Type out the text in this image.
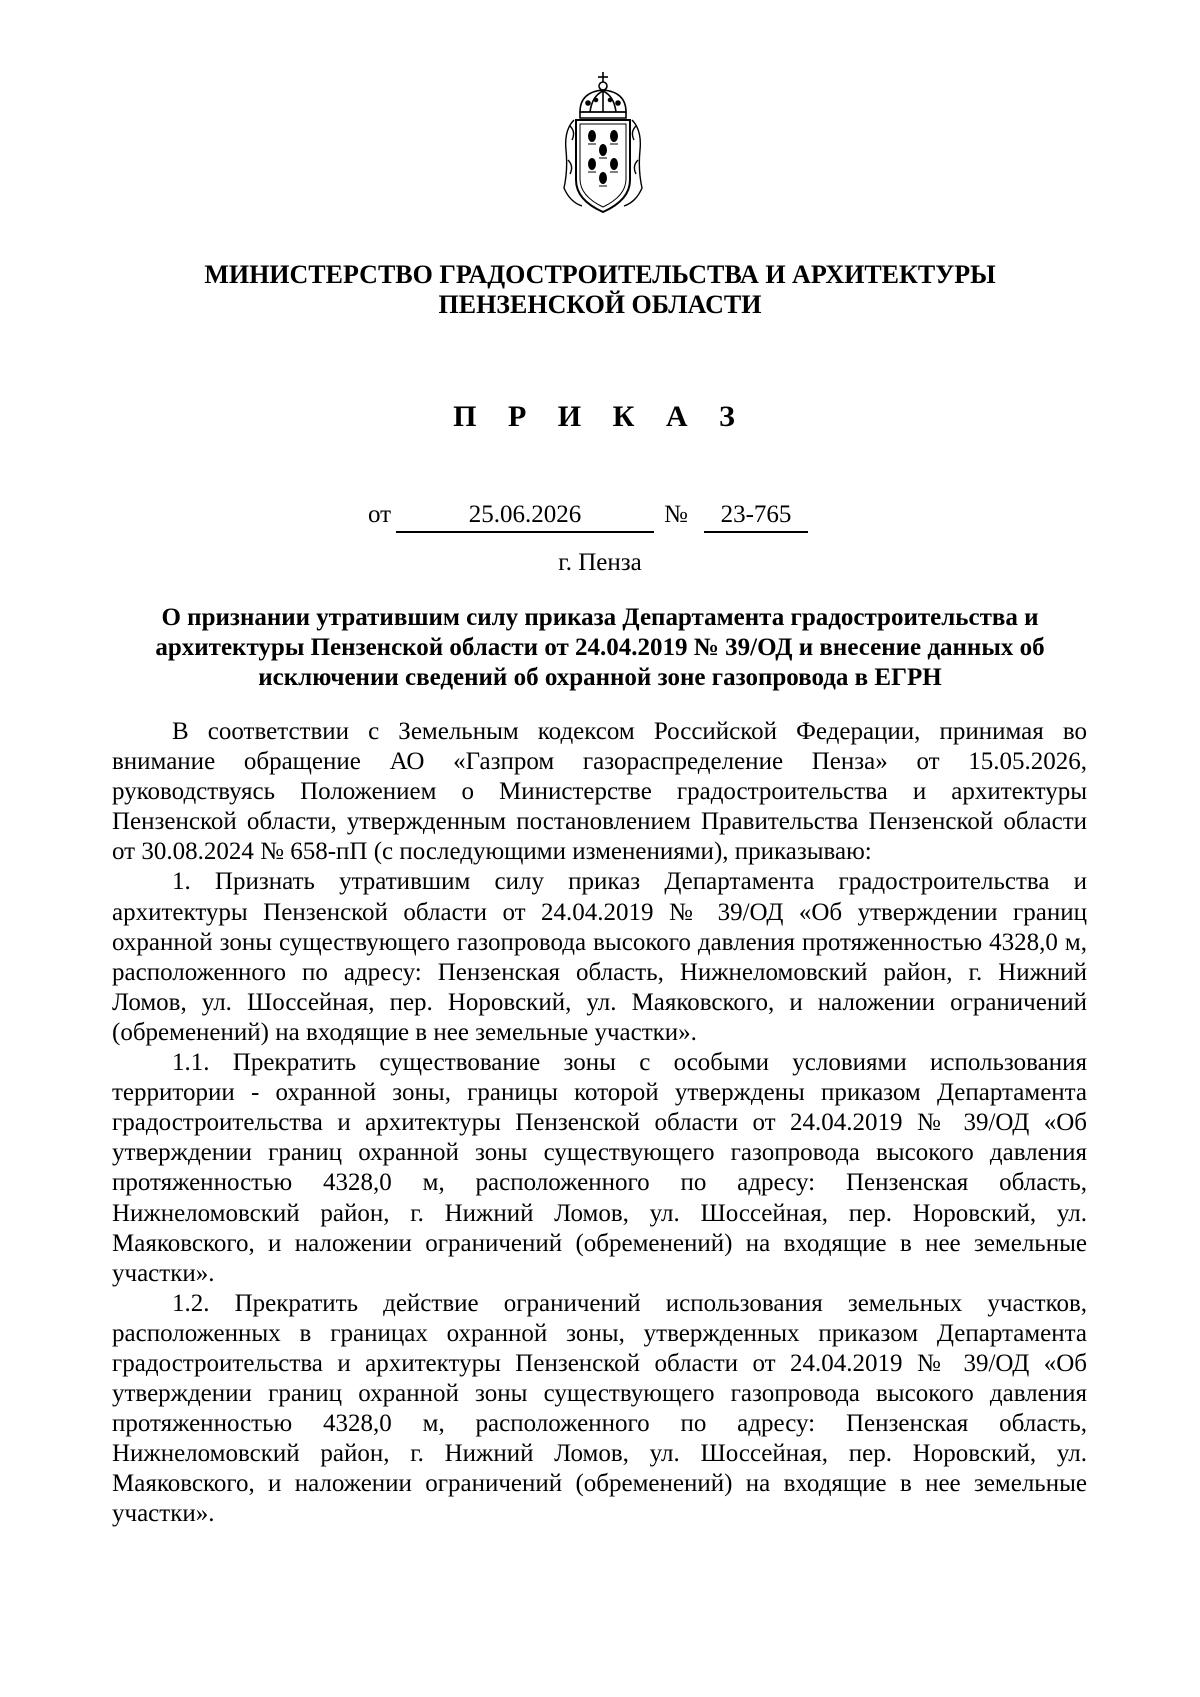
МИНИСТЕРСТВО ГРАДОСТРОИТЕЛЬСТВА И АРХИТЕКТУРЫ
ПЕНЗЕНСКОЙ ОБЛАСТИ
П Р И К А З
от	25.06.2026	№	23-765
г. Пенза
О признании утратившим силу приказа Департамента градостроительства и
архитектуры Пензенской области от 24.04.2019 № 39/ОД и внесение данных об
исключении сведений об охранной зоне газопровода в ЕГРН

В соответствии с Земельным кодексом Российской Федерации, принимая во внимание обращение АО «Газпром газораспределение Пенза» от 15.05.2026, руководствуясь Положением о Министерстве градостроительства и архитектуры Пензенской области, утвержденным постановлением Правительства Пензенской области от 30.08.2024 № 658-пП (с последующими изменениями), приказываю:

1. Признать утратившим силу приказ Департамента градостроительства и архитектуры Пензенской области от 24.04.2019 № 39/ОД «Об утверждении границ охранной зоны существующего газопровода высокого давления протяженностью 4328,0 м, расположенного по адресу: Пензенская область, Нижнеломовский район, г. Нижний Ломов, ул. Шоссейная, пер. Норовский, ул. Маяковского, и наложении ограничений (обременений) на входящие в нее земельные участки».

1.1. Прекратить существование зоны с особыми условиями использования территории - охранной зоны, границы которой утверждены приказом Департамента градостроительства и архитектуры Пензенской области от 24.04.2019 № 39/ОД «Об утверждении границ охранной зоны существующего газопровода высокого давления протяженностью 4328,0 м, расположенного по адресу: Пензенская область, Нижнеломовский район, г. Нижний Ломов, ул. Шоссейная, пер. Норовский, ул. Маяковского, и наложении ограничений (обременений) на входящие в нее земельные участки».

1.2. Прекратить действие ограничений использования земельных участков, расположенных в границах охранной зоны, утвержденных приказом Департамента градостроительства и архитектуры Пензенской области от 24.04.2019 № 39/ОД «Об утверждении границ охранной зоны существующего газопровода высокого давления протяженностью 4328,0 м, расположенного по адресу: Пензенская область, Нижнеломовский район, г. Нижний Ломов, ул. Шоссейная, пер. Норовский, ул. Маяковского, и наложении ограничений (обременений) на входящие в нее земельные участки».
